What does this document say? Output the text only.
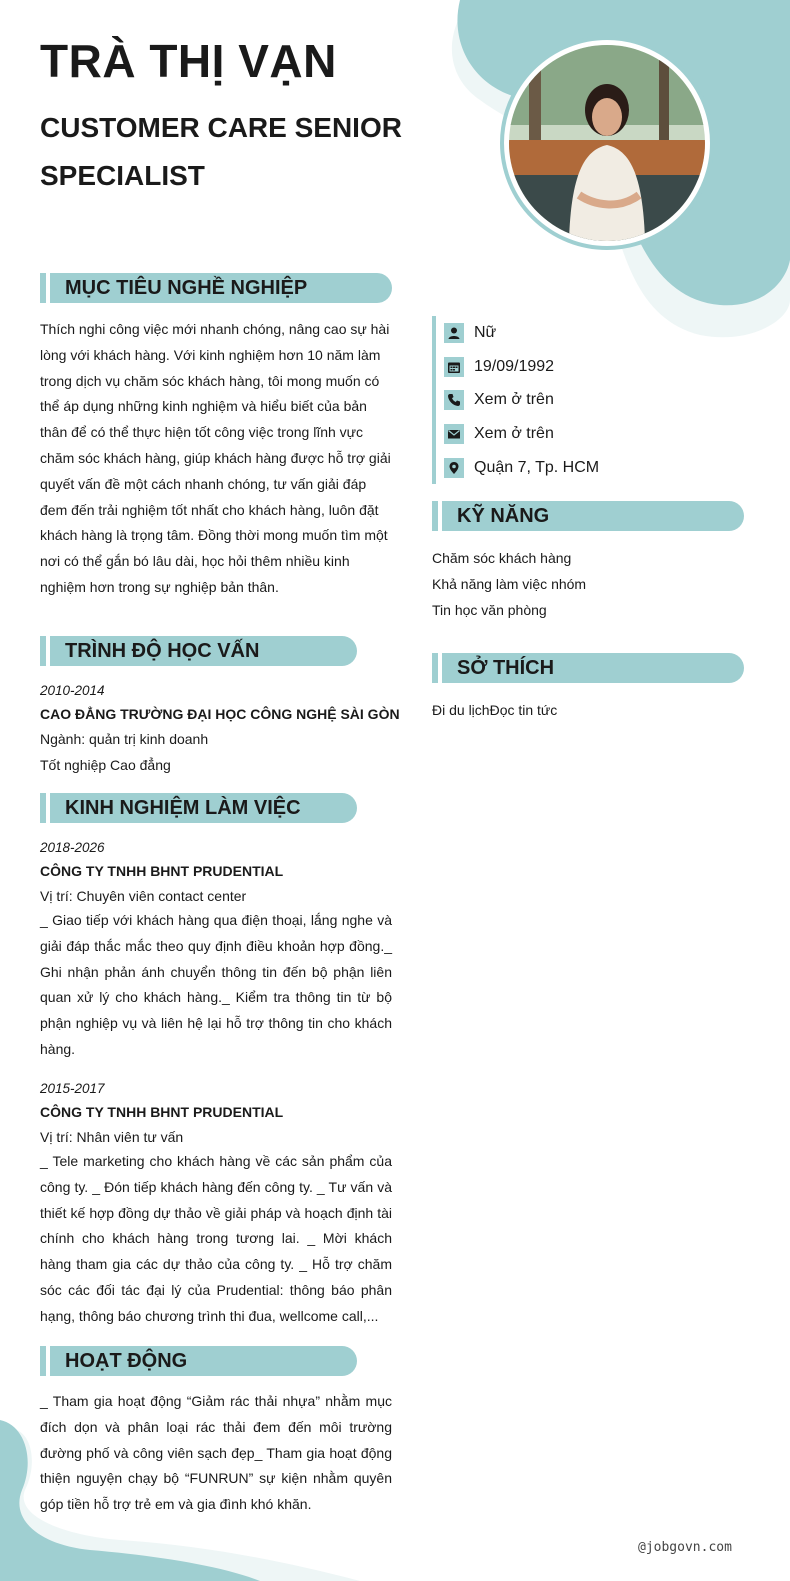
TRÀ THỊ VẠN
CUSTOMER CARE SENIOR SPECIALIST
MỤC TIÊU NGHỀ NGHIỆP

Thích nghi công việc mới nhanh chóng, nâng cao sự hài lòng với khách hàng. Với kinh nghiệm hơn 10 năm làm trong dịch vụ chăm sóc khách hàng, tôi mong muốn có thể áp dụng những kinh nghiệm và hiểu biết của bản thân để có thể thực hiện tốt công việc trong lĩnh vực chăm sóc khách hàng, giúp khách hàng được hỗ trợ giải quyết vấn đề một cách nhanh chóng, tư vấn giải đáp đem đến trải nghiệm tốt nhất cho khách hàng, luôn đặt khách hàng là trọng tâm. Đồng thời mong muốn tìm một nơi có thể gắn bó lâu dài, học hỏi thêm nhiều kinh nghiệm hơn trong sự nghiệp bản thân.

TRÌNH ĐỘ HỌC VẤN
2010-2014
CAO ĐẲNG TRƯỜNG ĐẠI HỌC CÔNG NGHỆ SÀI GÒN
Ngành: quản trị kinh doanh
Tốt nghiệp Cao đẳng
KINH NGHIỆM LÀM VIỆC
2018-2026
CÔNG TY TNHH BHNT PRUDENTIAL
Vị trí: Chuyên viên contact center

_ Giao tiếp với khách hàng qua điện thoại, lắng nghe và giải đáp thắc mắc theo quy định điều khoản hợp đồng._ Ghi nhận phản ánh chuyển thông tin đến bộ phận liên quan xử lý cho khách hàng._ Kiểm tra thông tin từ bộ phận nghiệp vụ và liên hệ lại hỗ trợ thông tin cho khách hàng.

2015-2017
CÔNG TY TNHH BHNT PRUDENTIAL
Vị trí: Nhân viên tư vấn

_ Tele marketing cho khách hàng về các sản phẩm của công ty. _ Đón tiếp khách hàng đến công ty. _ Tư vấn và thiết kế hợp đồng dự thảo về giải pháp và hoạch định tài chính cho khách hàng trong tương lai. _ Mời khách hàng tham gia các dự thảo của công ty. _ Hỗ trợ chăm sóc các đối tác đại lý của Prudential: thông báo phân hạng, thông báo chương trình thi đua, wellcome call,...

HOẠT ĐỘNG

_ Tham gia hoạt động “Giảm rác thải nhựa” nhằm mục đích dọn và phân loại rác thải đem đến môi trường đường phố và công viên sạch đẹp_ Tham gia hoạt động thiện nguyện chạy bộ “FUNRUN” sự kiện nhằm quyên góp tiền hỗ trợ trẻ em và gia đình khó khăn.

Nữ
19/09/1992
Xem ở trên
Xem ở trên
Quận 7, Tp. HCM
KỸ NĂNG
Chăm sóc khách hàng
Khả năng làm việc nhóm
Tin học văn phòng
SỞ THÍCH
Đi du lịchĐọc tin tức
@jobgovn.com
